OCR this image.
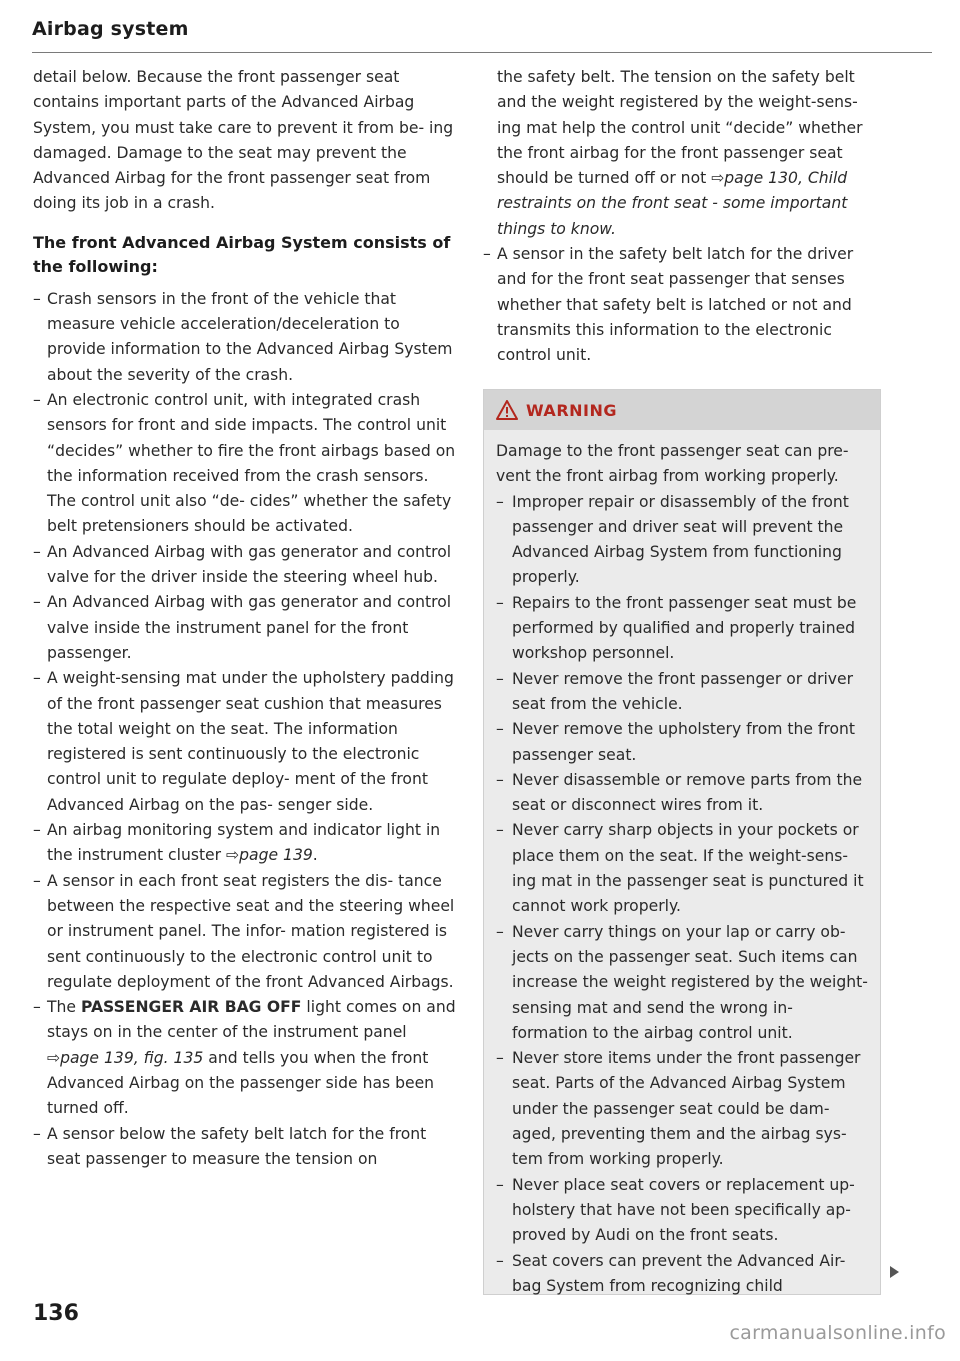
Airbag system

detail below. Because the front passenger seat contains important parts of the Advanced Airbag System, you must take care to prevent it from be- ing damaged. Damage to the seat may prevent the Advanced Airbag for the front passenger seat from doing its job in a crash.

The front Advanced Airbag System consists of the following:
– Crash sensors in the front of the vehicle that measure vehicle acceleration/deceleration to provide information to the Advanced Airbag System about the severity of the crash.
– An electronic control unit, with integrated crash sensors for front and side impacts. The control unit “decides” whether to fire the front airbags based on the information received from the crash sensors. The control unit also “de- cides” whether the safety belt pretensioners should be activated.
– An Advanced Airbag with gas generator and control valve for the driver inside the steering wheel hub.
– An Advanced Airbag with gas generator and control valve inside the instrument panel for the front passenger.
– A weight-sensing mat under the upholstery padding of the front passenger seat cushion that measures the total weight on the seat. The information registered is sent continuously to the electronic control unit to regulate deploy- ment of the front Advanced Airbag on the pas- senger side.
– An airbag monitoring system and indicator light in the instrument cluster ⇨page 139.
– A sensor in each front seat registers the dis- tance between the respective seat and the steering wheel or instrument panel. The infor- mation registered is sent continuously to the electronic control unit to regulate deployment of the front Advanced Airbags.
– The PASSENGER AIR BAG OFF light comes on and stays on in the center of the instrument panel ⇨page 139, fig. 135 and tells you when the front Advanced Airbag on the passenger side has been turned off.
– A sensor below the safety belt latch for the front seat passenger to measure the tension on

the safety belt. The tension on the safety belt and the weight registered by the weight-sens- ing mat help the control unit “decide” whether the front airbag for the front passenger seat should be turned off or not ⇨page 130, Child restraints on the front seat - some important things to know.

– A sensor in the safety belt latch for the driver and for the front seat passenger that senses whether that safety belt is latched or not and transmits this information to the electronic control unit.
WARNING

Damage to the front passenger seat can pre- vent the front airbag from working properly.

– Improper repair or disassembly of the front passenger and driver seat will prevent the Advanced Airbag System from functioning properly.
– Repairs to the front passenger seat must be performed by qualified and properly trained workshop personnel.
– Never remove the front passenger or driver seat from the vehicle.
– Never remove the upholstery from the front passenger seat.
– Never disassemble or remove parts from the seat or disconnect wires from it.
– Never carry sharp objects in your pockets or place them on the seat. If the weight-sens- ing mat in the passenger seat is punctured it cannot work properly.
– Never carry things on your lap or carry ob- jects on the passenger seat. Such items can increase the weight registered by the weight-sensing mat and send the wrong in- formation to the airbag control unit.
– Never store items under the front passenger seat. Parts of the Advanced Airbag System under the passenger seat could be dam- aged, preventing them and the airbag sys- tem from working properly.
– Never place seat covers or replacement up- holstery that have not been specifically ap- proved by Audi on the front seats.
– Seat covers can prevent the Advanced Air- bag System from recognizing child
136
carmanualsonline.info
